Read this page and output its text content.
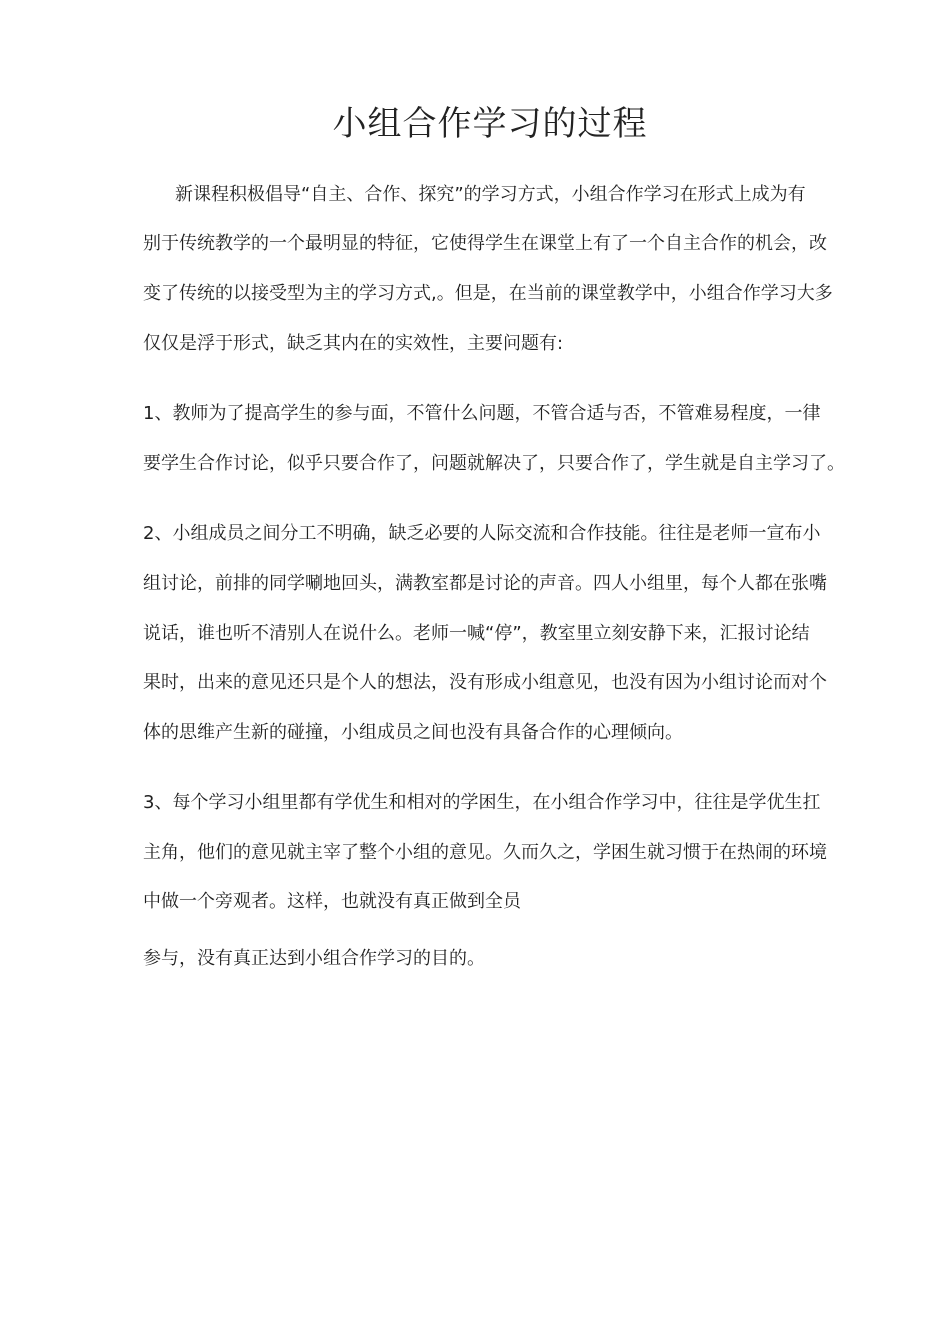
小组合作学习的过程
新课程积极倡导“自主、合作、探究”的学习方式，小组合作学习在形式上成为有
别于传统教学的一个最明显的特征，它使得学生在课堂上有了一个自主合作的机会，改
变了传统的以接受型为主的学习方式,。但是，在当前的课堂教学中，小组合作学习大多
仅仅是浮于形式，缺乏其内在的实效性，主要问题有:
1、教师为了提高学生的参与面，不管什么问题，不管合适与否，不管难易程度，一律
要学生合作讨论，似乎只要合作了，问题就解决了，只要合作了，学生就是自主学习了。
2、小组成员之间分工不明确，缺乏必要的人际交流和合作技能。往往是老师一宣布小
组讨论，前排的同学唰地回头，满教室都是讨论的声音。四人小组里，每个人都在张嘴
说话，谁也听不清别人在说什么。老师一喊“停”，教室里立刻安静下来，汇报讨论结
果时，出来的意见还只是个人的想法，没有形成小组意见，也没有因为小组讨论而对个
体的思维产生新的碰撞，小组成员之间也没有具备合作的心理倾向。
3、每个学习小组里都有学优生和相对的学困生，在小组合作学习中，往往是学优生扛
主角，他们的意见就主宰了整个小组的意见。久而久之，学困生就习惯于在热闹的环境
中做一个旁观者。这样，也就没有真正做到全员
参与，没有真正达到小组合作学习的目的。
